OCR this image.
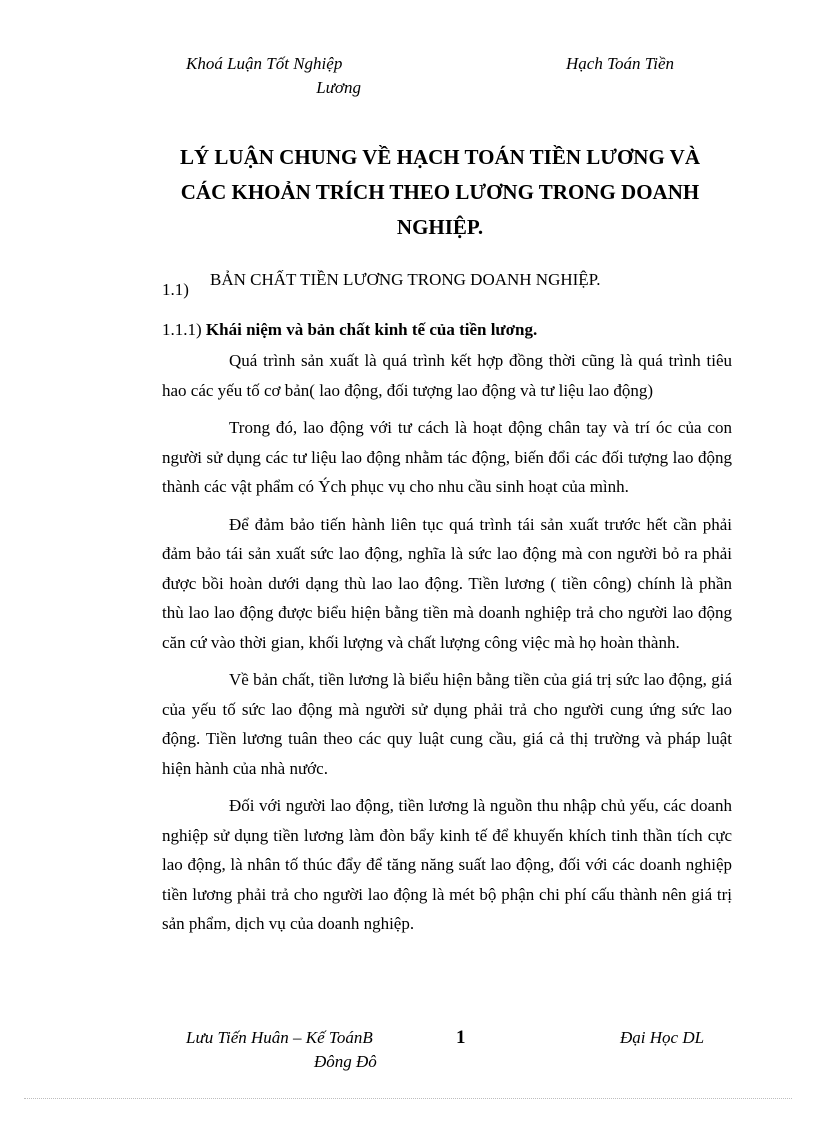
Khoá Luận Tốt Nghiệp
Lương
Hạch Toán Tiền
LÝ LUẬN CHUNG VỀ HẠCH TOÁN TIỀN LƯƠNG VÀ
CÁC KHOẢN TRÍCH THEO LƯƠNG TRONG DOANH
NGHIỆP.
1.1)BẢN CHẤT TIỀN LƯƠNG TRONG DOANH NGHIỆP.
1.1.1) Khái niệm và bản chất kinh tế của tiền lương.

Quá trình sản xuất là quá trình kết hợp đồng thời cũng là quá trình tiêu hao các yếu tố cơ bản( lao động, đối tượng lao động và tư liệu lao động)

Trong đó, lao động với tư cách là hoạt động chân tay và trí óc của con người sử dụng các tư liệu lao động nhằm tác động, biến đổi các đối tượng lao động thành các vật phẩm có Ých phục vụ cho nhu cầu sinh hoạt của mình.

Để đảm bảo tiến hành liên tục quá trình tái sản xuất trước hết cần phải đảm bảo tái sản xuất sức lao động, nghĩa là sức lao động mà con người bỏ ra phải được bồi hoàn dưới dạng thù lao lao động. Tiền lương ( tiền công) chính là phần thù lao lao động được biểu hiện bằng tiền mà doanh nghiệp trả cho người lao động căn cứ vào thời gian, khối lượng và chất lượng công việc mà họ hoàn thành.

Về bản chất, tiền lương là biểu hiện bằng tiền của giá trị sức lao động, giá của yếu tố sức lao động mà người sử dụng phải trả cho người cung ứng sức lao động. Tiền lương tuân theo các quy luật cung cầu, giá cả thị trường và pháp luật hiện hành của nhà nước.

Đối với người lao động, tiền lương là nguồn thu nhập chủ yếu, các doanh nghiệp sử dụng tiền lương làm đòn bẩy kinh tế để khuyến khích tinh thần tích cực lao động, là nhân tố thúc đẩy để tăng năng suất lao động, đối với các doanh nghiệp tiền lương phải trả cho người lao động là mét bộ phận chi phí cấu thành nên giá trị sản phẩm, dịch vụ của doanh nghiệp.

Lưu Tiến Huân – Kế ToánB
Đông Đô
1	Đại Học DL
